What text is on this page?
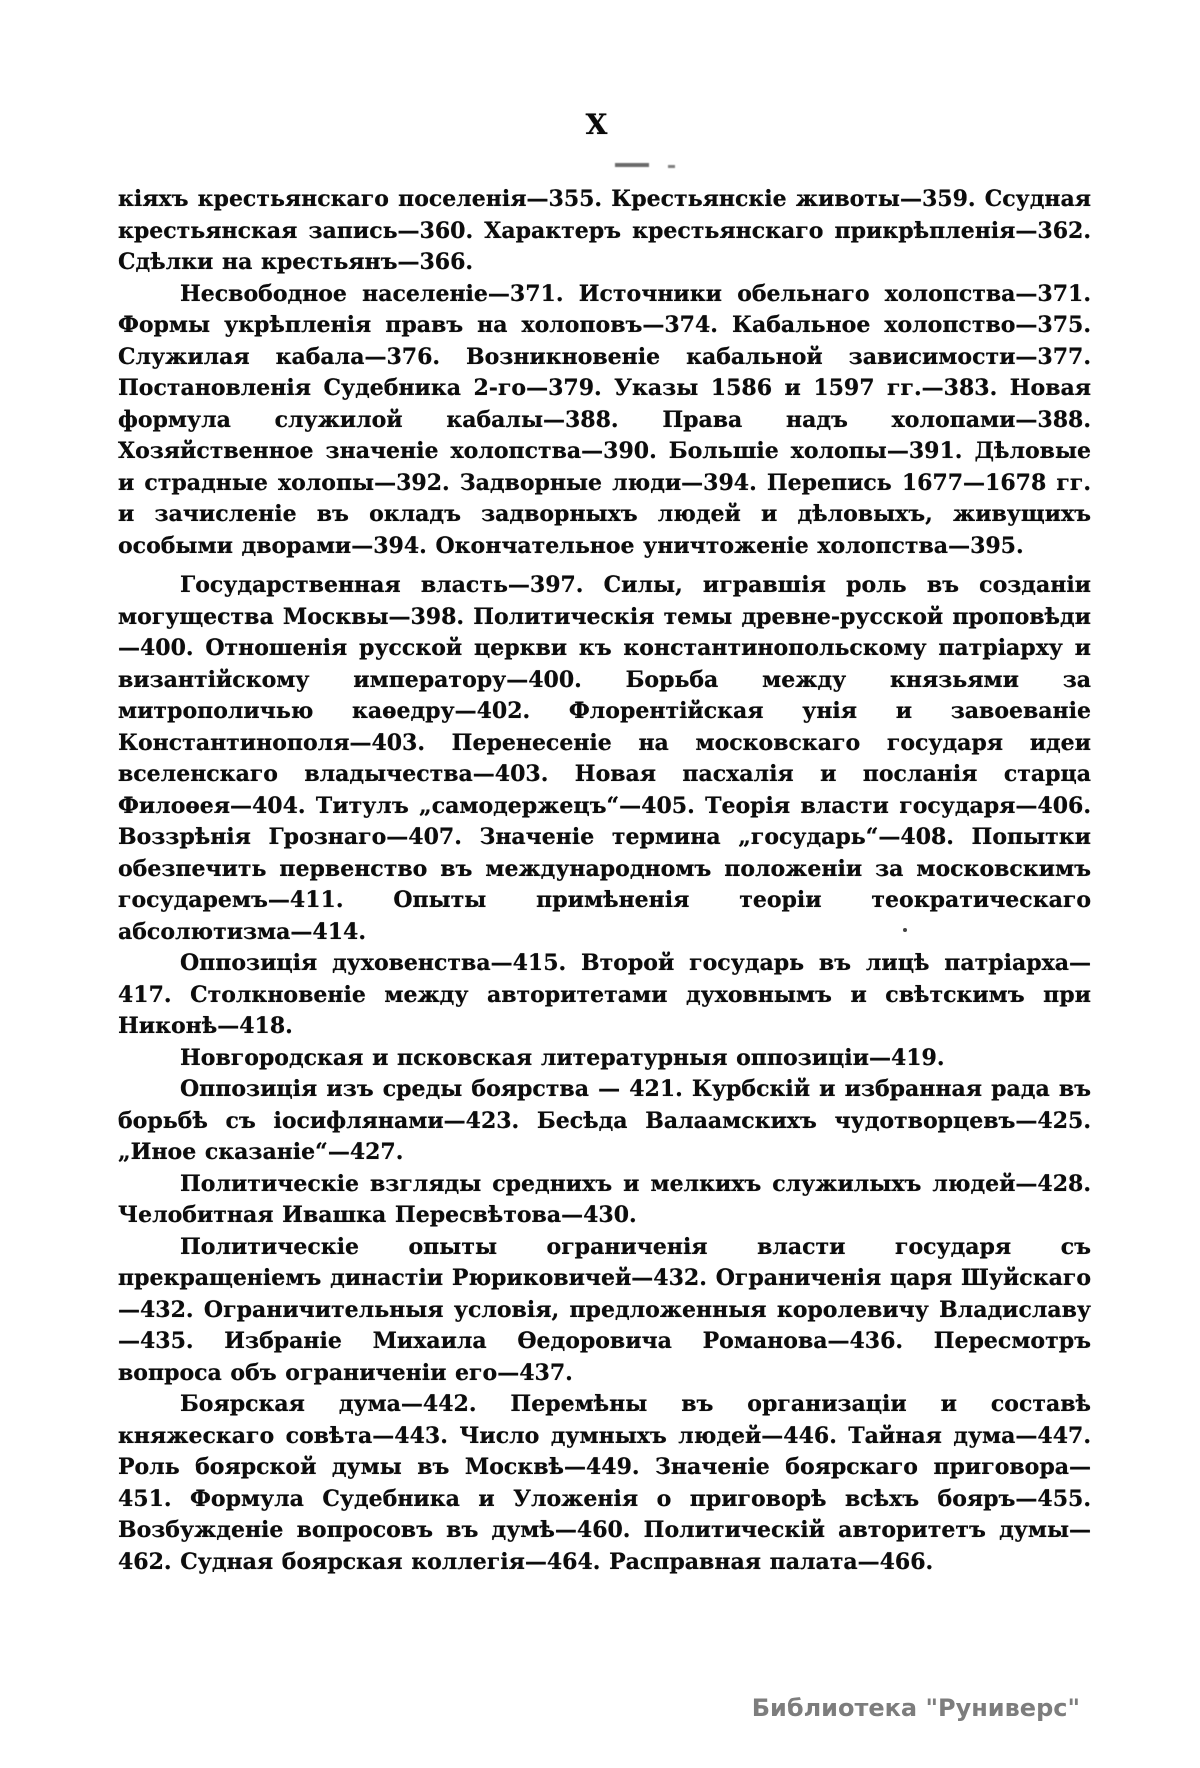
X

кіяхъ крестьянскаго поселенія—355. Крестьянскіе животы—359. Ссудная крестьянская запись—360. Характеръ крестьянскаго прикрѣпленія—362. Сдѣлки на крестьянъ—366.

Несвободное населеніе—371. Источники обельнаго холопства—371. Формы укрѣпленія правъ на холоповъ—374. Кабальное холопство—375. Служилая кабала—376. Возникновеніе кабальной зависимости—377. Постановленія Судебника 2-го—379. Указы 1586 и 1597 гг.—383. Новая формула служилой кабалы—388. Права надъ холопами—388. Хозяйственное значеніе холопства—390. Большіе холопы—391. Дѣловые и страдные холопы—392. Задворные люди—394. Перепись 1677—1678 гг. и зачисленіе въ окладъ задворныхъ людей и дѣловыхъ, живущихъ особыми дворами—394. Окончательное уничтоженіе холопства—395.

Государственная власть—397. Силы, игравшія роль въ созданіи могущества Москвы—398. Политическія темы древне-русской проповѣди—400. Отношенія русской церкви къ константинопольскому патріарху и византійскому императору—400. Борьба между князьями за митрополичью каѳедру—402. Флорентійская унія и завоеваніе Константинополя—403. Перенесеніе на московскаго государя идеи вселенскаго владычества—403. Новая пасхалія и посланія старца Филоѳея—404. Титулъ „самодержецъ“—405. Теорія власти государя—406. Воззрѣнія Грознаго—407. Значеніе термина „государь“—408. Попытки обезпечить первенство въ международномъ положеніи за московскимъ государемъ—411. Опыты примѣненія теоріи теократическаго абсолютизма—414.

Оппозиція духовенства—415. Второй государь въ лицѣ патріарха—417. Столкновеніе между авторитетами духовнымъ и свѣтскимъ при Никонѣ—418.

Новгородская и псковская литературныя оппозиціи—419.

Оппозиція изъ среды боярства — 421. Курбскій и избранная рада въ борьбѣ съ іосифлянами—423. Бесѣда Валаамскихъ чудотворцевъ—425. „Иное сказаніе“—427.

Политическіе взгляды среднихъ и мелкихъ служилыхъ людей—428. Челобитная Ивашка Пересвѣтова—430.

Политическіе опыты ограниченія власти государя съ прекращеніемъ династіи Рюриковичей—432. Ограниченія царя Шуйскаго—432. Ограничительныя условія, предложенныя королевичу Владиславу—435. Избраніе Михаила Ѳедоровича Романова—436. Пересмотръ вопроса объ ограниченіи его—437.

Боярская дума—442. Перемѣны въ организаціи и составѣ княжескаго совѣта—443. Число думныхъ людей—446. Тайная дума—447. Роль боярской думы въ Москвѣ—449. Значеніе боярскаго приговора—451. Формула Судебника и Уложенія о приговорѣ всѣхъ бояръ—455. Возбужденіе вопросовъ въ думѣ—460. Политическій авторитетъ думы—462. Судная боярская коллегія—464. Расправная палата—466.

Библиотека "Руниверс"
